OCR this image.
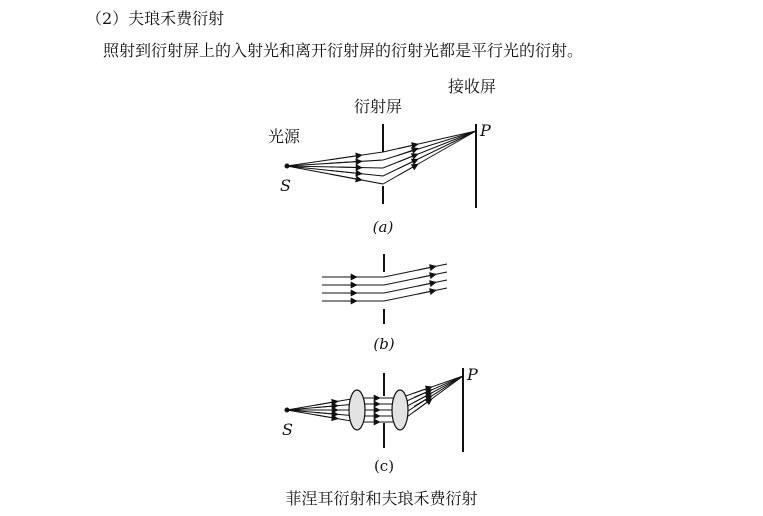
（2）夫琅禾费衍射
照射到衍射屏上的入射光和离开衍射屏的衍射光都是平行光的衍射。
接收屏
衍射屏
光源	P
S
(a)
(b)
P
S
(c)
菲涅耳衍射和夫琅禾费衍射
